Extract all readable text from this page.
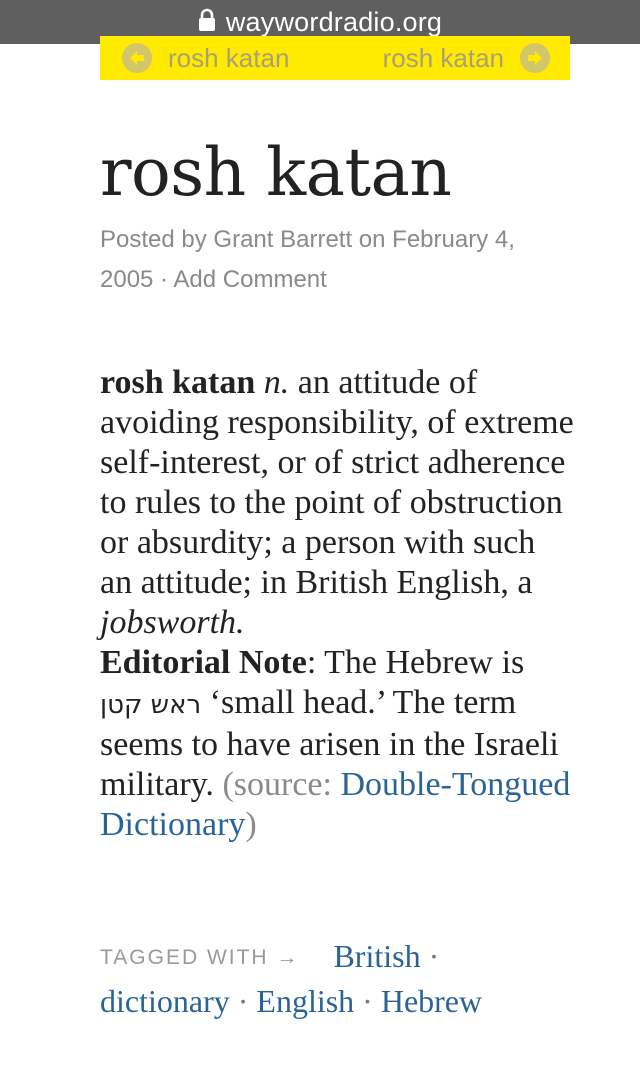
waywordradio.org
rosh katan	rosh katan
rosh katan
Posted by Grant Barrett on February 4, 2005 · Add Comment
rosh katan n. an attitude of avoiding responsibility, of extreme self-interest, or of strict adherence to rules to the point of obstruction or absurdity; a person with such an attitude; in British English, a jobsworth.
Editorial Note: The Hebrew is ראש קטן ‘small head.’ The term seems to have arisen in the Israeli military. (source: Double-Tongued Dictionary)
TAGGED WITH → British · dictionary · English · Hebrew
